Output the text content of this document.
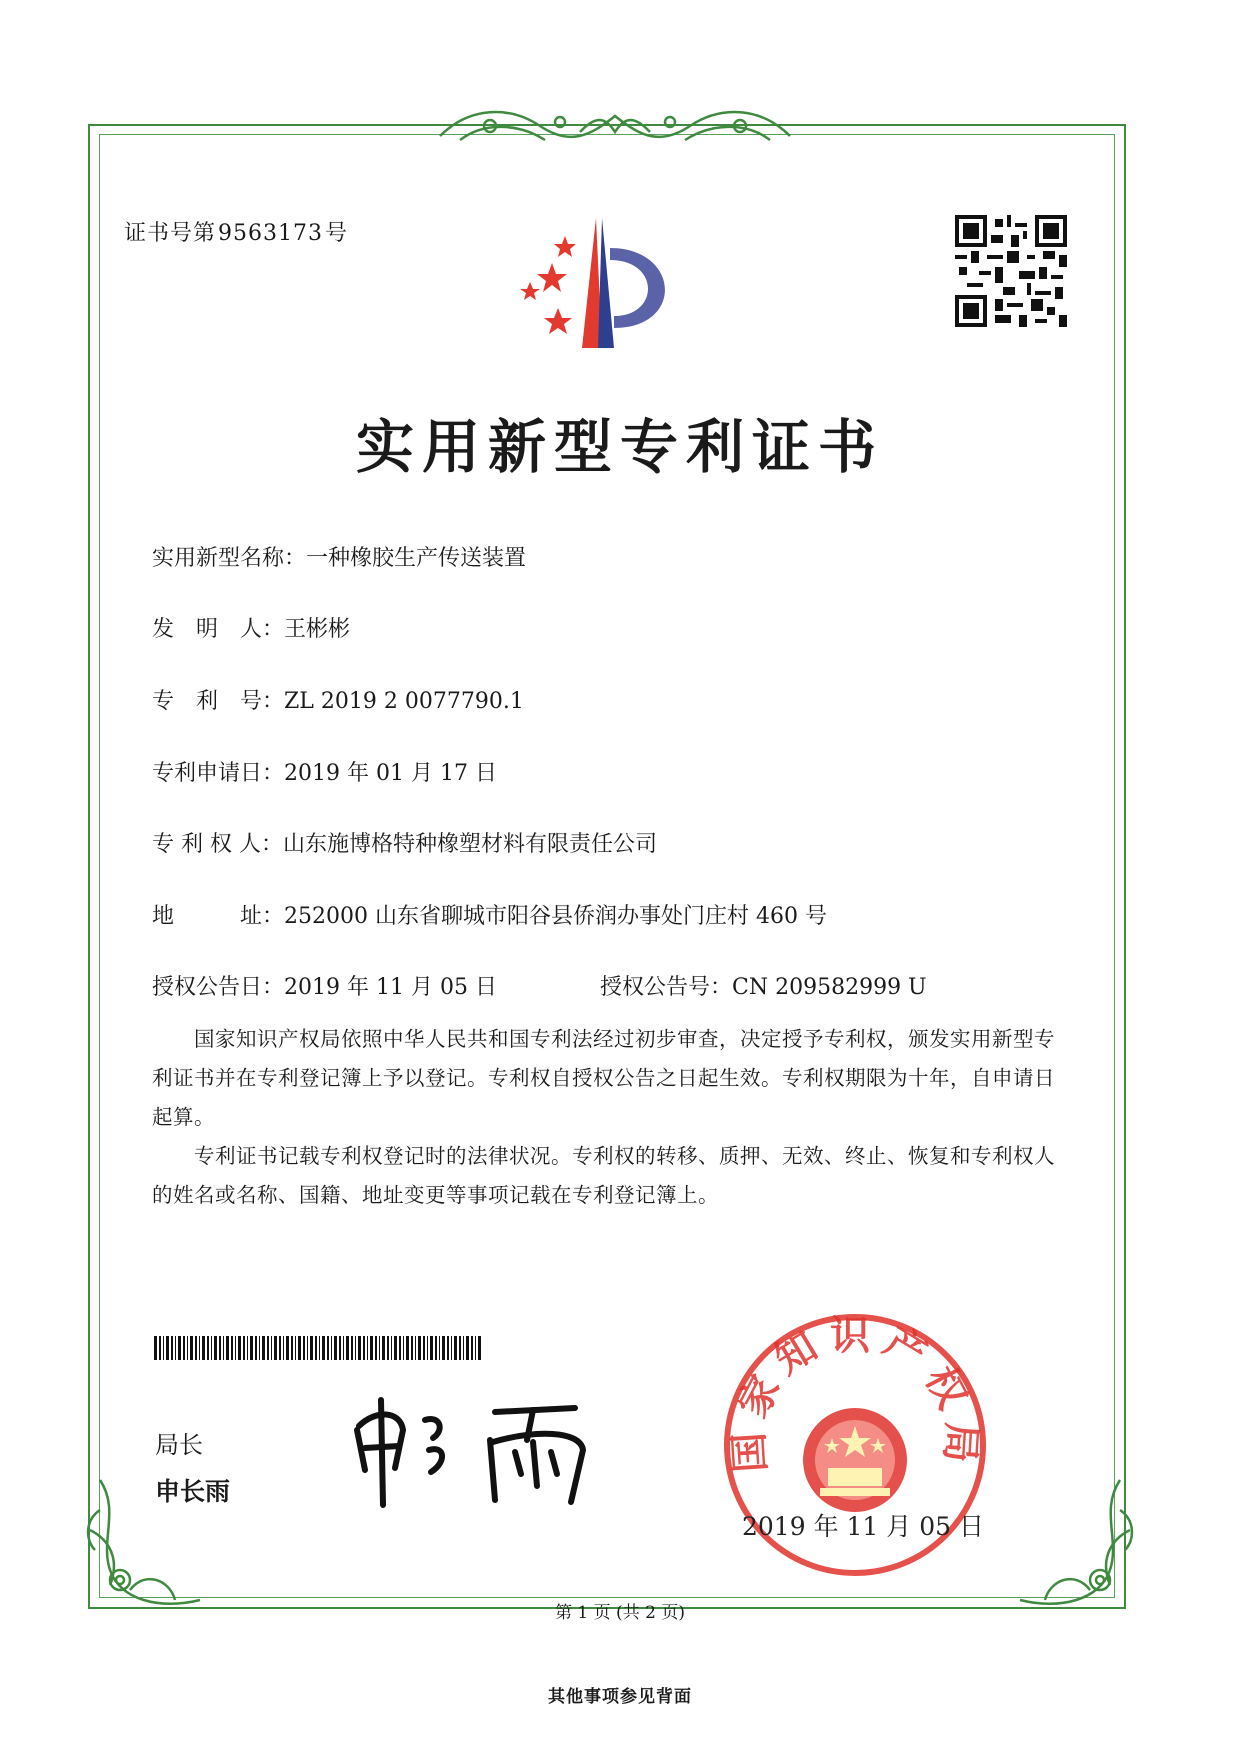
证书号第9563173号
实用新型专利证书
实用新型名称：一种橡胶生产传送装置
发　明　人：王彬彬
专　利　号：ZL 2019 2 0077790.1
专利申请日：2019 年 01 月 17 日
专 利 权 人：山东施博格特种橡塑材料有限责任公司
地　　　址：252000 山东省聊城市阳谷县侨润办事处门庄村 460 号
授权公告日：2019 年 11 月 05 日	授权公告号：CN 209582999 U
国家知识产权局依照中华人民共和国专利法经过初步审查，决定授予专利权，颁发实用新型专利证书并在专利登记簿上予以登记。专利权自授权公告之日起生效。专利权期限为十年，自申请日起算。
专利证书记载专利权登记时的法律状况。专利权的转移、质押、无效、终止、恢复和专利权人的姓名或名称、国籍、地址变更等事项记载在专利登记簿上。
局长
申长雨
国家知识产权局
2019 年 11 月 05 日
第 1 页 (共 2 页)
其他事项参见背面
